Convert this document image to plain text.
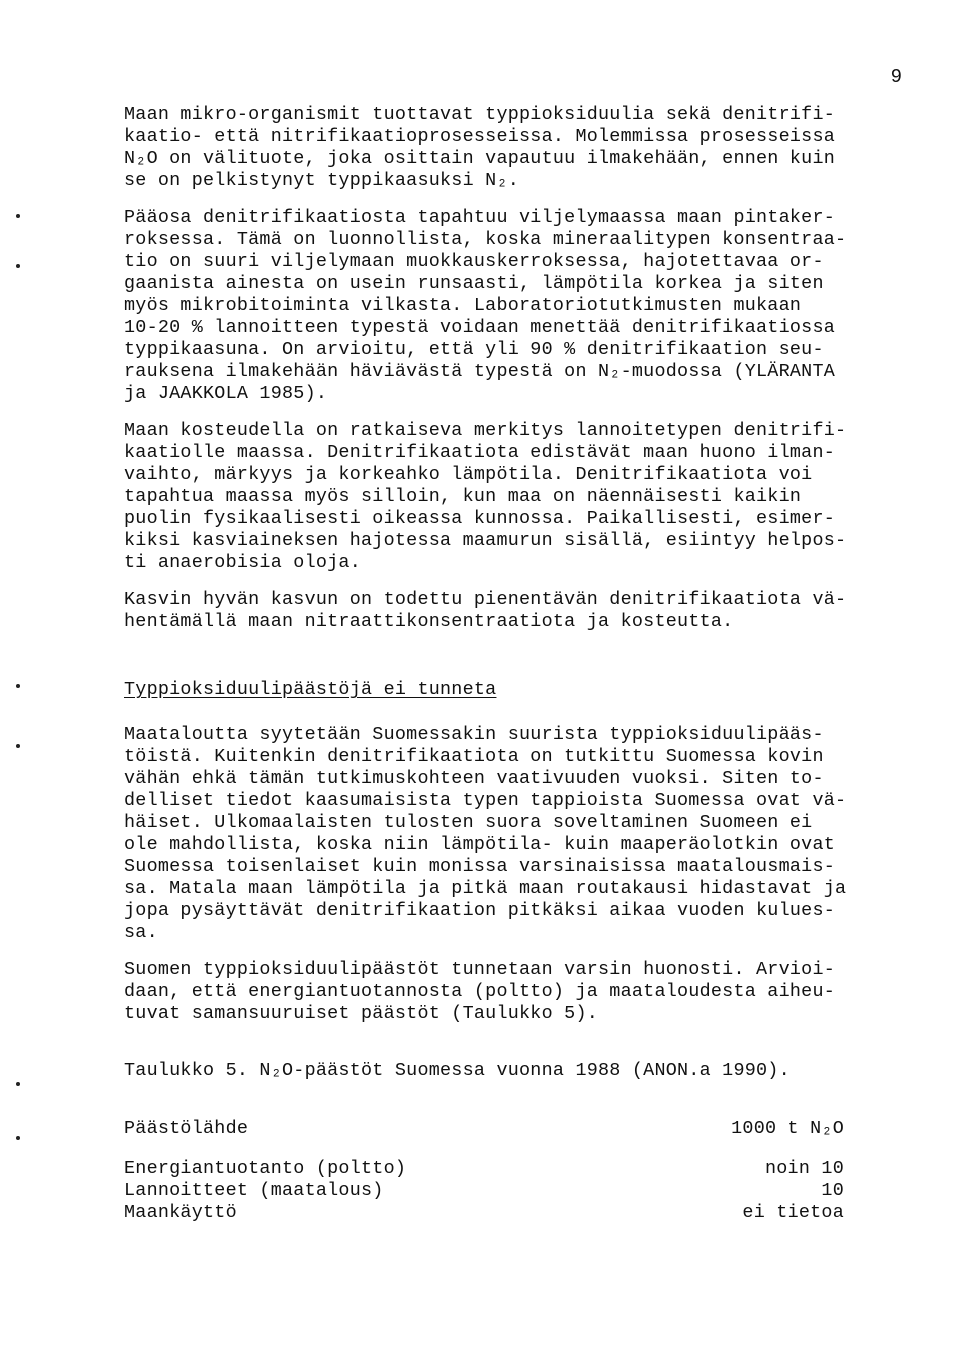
9
Maan mikro-organismit tuottavat typpioksiduulia sekä denitrifi-
kaatio- että nitrifikaatioprosesseissa. Molemmissa prosesseissa
N₂O on välituote, joka osittain vapautuu ilmakehään, ennen kuin
se on pelkistynyt typpikaasuksi N₂.
Pääosa denitrifikaatiosta tapahtuu viljelymaassa maan pintaker-
roksessa. Tämä on luonnollista, koska mineraalitypen konsentraa-
tio on suuri viljelymaan muokkauskerroksessa, hajotettavaa or-
gaanista ainesta on usein runsaasti, lämpötila korkea ja siten
myös mikrobitoiminta vilkasta. Laboratoriotutkimusten mukaan
10-20 % lannoitteen typestä voidaan menettää denitrifikaatiossa
typpikaasuna. On arvioitu, että yli 90 % denitrifikaation seu-
rauksena ilmakehään häviävästä typestä on N₂-muodossa (YLÄRANTA
ja JAAKKOLA 1985).
Maan kosteudella on ratkaiseva merkitys lannoitetypen denitrifi-
kaatiolle maassa. Denitrifikaatiota edistävät maan huono ilman-
vaihto, märkyys ja korkeahko lämpötila. Denitrifikaatiota voi
tapahtua maassa myös silloin, kun maa on näennäisesti kaikin
puolin fysikaalisesti oikeassa kunnossa. Paikallisesti, esimer-
kiksi kasviaineksen hajotessa maamurun sisällä, esiintyy helpos-
ti anaerobisia oloja.
Kasvin hyvän kasvun on todettu pienentävän denitrifikaatiota vä-
hentämällä maan nitraattikonsentraatiota ja kosteutta.
Typpioksiduulipäästöjä ei tunneta
Maataloutta syytetään Suomessakin suurista typpioksiduulipääs-
töistä. Kuitenkin denitrifikaatiota on tutkittu Suomessa kovin
vähän ehkä tämän tutkimuskohteen vaativuuden vuoksi. Siten to-
delliset tiedot kaasumaisista typen tappioista Suomessa ovat vä-
häiset. Ulkomaalaisten tulosten suora soveltaminen Suomeen ei
ole mahdollista, koska niin lämpötila- kuin maaperäolotkin ovat
Suomessa toisenlaiset kuin monissa varsinaisissa maatalousmais-
sa. Matala maan lämpötila ja pitkä maan routakausi hidastavat ja
jopa pysäyttävät denitrifikaation pitkäksi aikaa vuoden kulues-
sa.
Suomen typpioksiduulipäästöt tunnetaan varsin huonosti. Arvioi-
daan, että energiantuotannosta (poltto) ja maataloudesta aiheu-
tuvat samansuuruiset päästöt (Taulukko 5).
Taulukko 5. N₂O-päästöt Suomessa vuonna 1988 (ANON.a 1990).
Päästölähde	1000 t N₂O
Energiantuotanto (poltto)	noin 10
Lannoitteet (maatalous)	10
Maankäyttö	ei tietoa
